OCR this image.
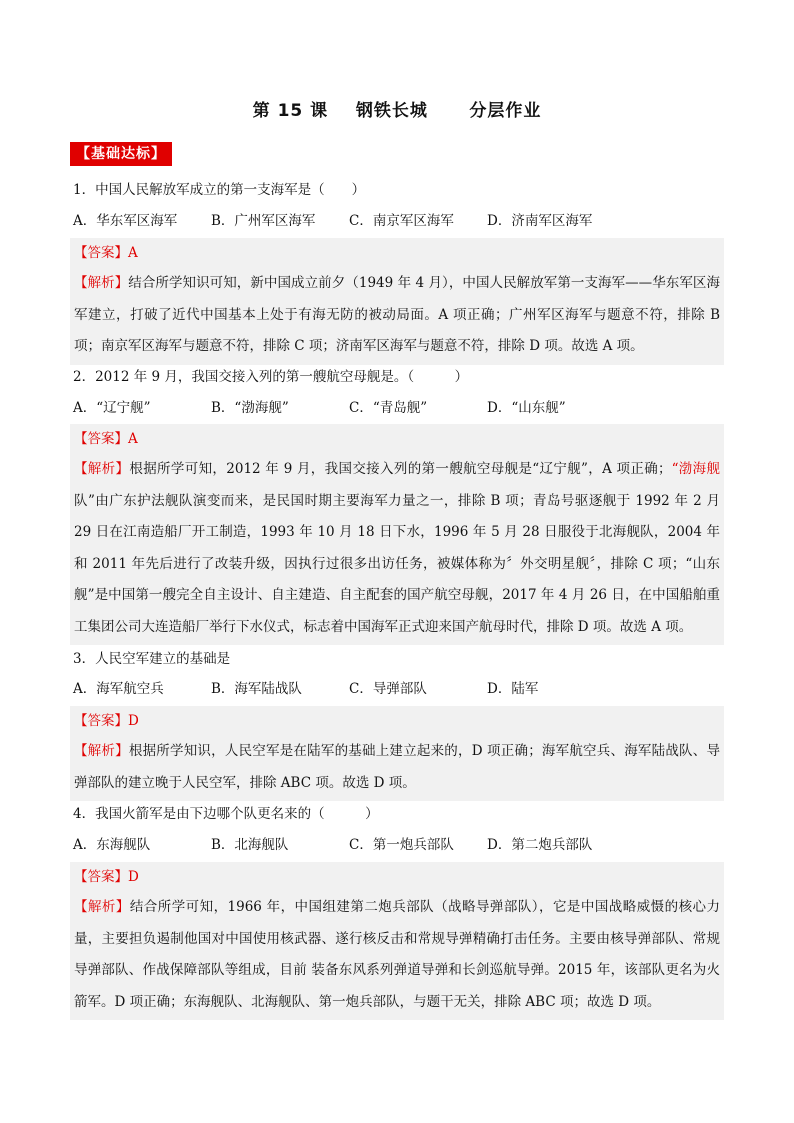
第 15 课    钢铁长城      分层作业
【基础达标】
1．中国人民解放军成立的第一支海军是（　　）
A．华东军区海军	B．广州军区海军 C．南京军区海军 D．济南军区海军
【答案】A
【解析】结合所学知识可知，新中国成立前夕（1949 年 4 月），中国人民解放军第一支海军——华东军区海军建立，打破了近代中国基本上处于有海无防的被动局面。A 项正确；广州军区海军与题意不符，排除 B 项；南京军区海军与题意不符，排除 C 项；济南军区海军与题意不符，排除 D 项。故选 A 项。
2．2012 年 9 月，我国交接入列的第一艘航空母舰是。（　　　）
A．“辽宁舰”	B．“渤海舰”	C．“青岛舰”	D．“山东舰”
【答案】A
【解析】根据所学可知，2012 年 9 月，我国交接入列的第一艘航空母舰是“辽宁舰”，A 项正确；“渤海舰队”由广东护法舰队演变而来，是民国时期主要海军力量之一，排除 B 项；青岛号驱逐舰于 1992 年 2 月 29 日在江南造船厂开工制造，1993 年 10 月 18 日下水，1996 年 5 月 28 日服役于北海舰队，2004 年和 2011 年先后进行了改装升级，因执行过很多出访任务，被媒体称为〞外交明星舰〞，排除 C 项；“山东舰”是中国第一艘完全自主设计、自主建造、自主配套的国产航空母舰，2017 年 4 月 26 日，在中国船舶重工集团公司大连造船厂举行下水仪式，标志着中国海军正式迎来国产航母时代，排除 D 项。故选 A 项。
3．人民空军建立的基础是
A．海军航空兵	B．海军陆战队	C．导弹部队	D．陆军
【答案】D
【解析】根据所学知识，人民空军是在陆军的基础上建立起来的，D 项正确；海军航空兵、海军陆战队、导弹部队的建立晚于人民空军，排除 ABC 项。故选 D 项。
4．我国火箭军是由下边哪个队更名来的（　　　）
A．东海舰队	B．北海舰队	C．第一炮兵部队 D．第二炮兵部队
【答案】D
【解析】结合所学可知，1966 年，中国组建第二炮兵部队（战略导弹部队），它是中国战略威慑的核心力量，主要担负遏制他国对中国使用核武器、遂行核反击和常规导弹精确打击任务。主要由核导弹部队、常规导弹部队、作战保障部队等组成，目前 装备东风系列弹道导弹和长剑巡航导弹。2015 年，该部队更名为火箭军。D 项正确；东海舰队、北海舰队、第一炮兵部队，与题干无关，排除 ABC 项；故选 D 项。
